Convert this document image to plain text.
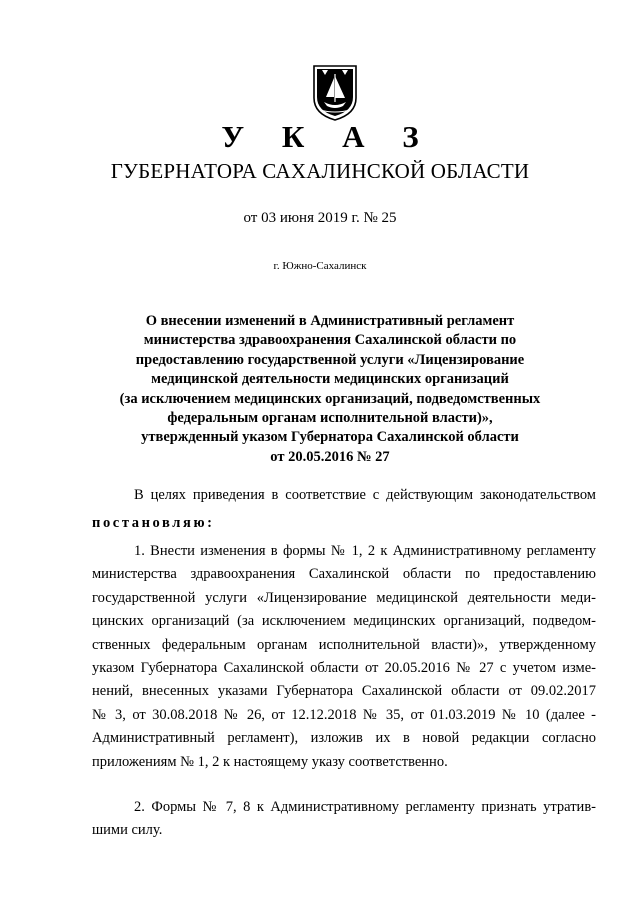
У К А З
ГУБЕРНАТОРА САХАЛИНСКОЙ ОБЛАСТИ
от 03 июня 2019 г. № 25
г. Южно-Сахалинск
О внесении изменений в Административный регламент
министерства здравоохранения Сахалинской области по
предоставлению государственной услуги «Лицензирование
медицинской деятельности медицинских организаций
(за исключением медицинских организаций, подведомственных
федеральным органам исполнительной власти)»,
утвержденный указом Губернатора Сахалинской области
от 20.05.2016 № 27
В целях приведения в соответствие с действующим законодательством
постановляю:
1. Внести изменения в формы № 1, 2 к Административному регламенту
министерства здравоохранения Сахалинской области по предоставлению
государственной услуги «Лицензирование медицинской деятельности меди-
цинских организаций (за исключением медицинских организаций, подведом-
ственных федеральным органам исполнительной власти)», утвержденному
указом Губернатора Сахалинской области от 20.05.2016 № 27 с учетом изме-
нений, внесенных указами Губернатора Сахалинской области от 09.02.2017
№ 3, от 30.08.2018 № 26, от 12.12.2018 № 35, от 01.03.2019 № 10 (далее -
Административный регламент), изложив их в новой редакции согласно
приложениям № 1, 2 к настоящему указу соответственно.
2. Формы № 7, 8 к Административному регламенту признать утратив-
шими силу.
